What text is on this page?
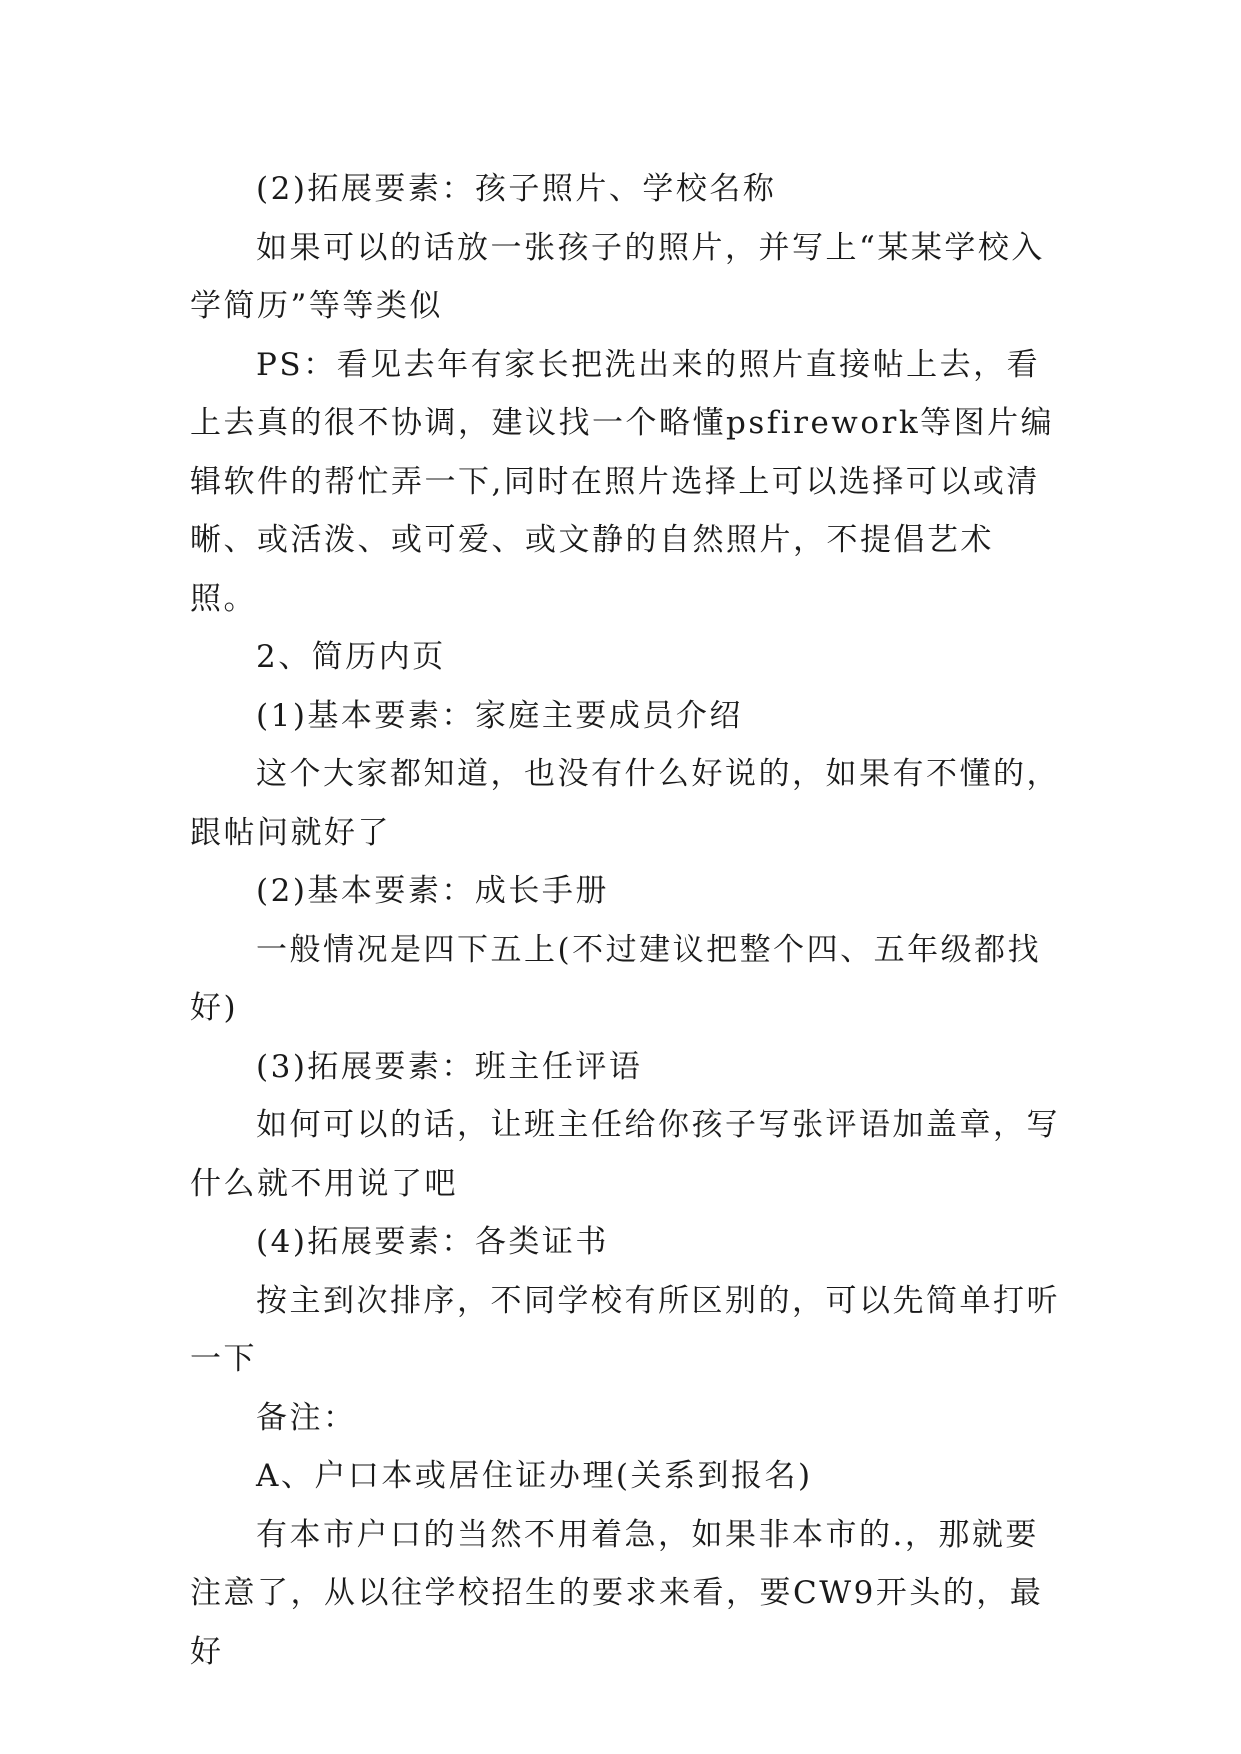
(2)拓展要素：孩子照片、学校名称

如果可以的话放一张孩子的照片，并写上“某某学校入学简历”等等类似

PS：看见去年有家长把洗出来的照片直接帖上去，看上去真的很不协调，建议找一个略懂psfirework等图片编辑软件的帮忙弄一下,同时在照片选择上可以选择可以或清晰、或活泼、或可爱、或文静的自然照片，不提倡艺术照。

2、简历内页

(1)基本要素：家庭主要成员介绍

这个大家都知道，也没有什么好说的，如果有不懂的，跟帖问就好了

(2)基本要素：成长手册

一般情况是四下五上(不过建议把整个四、五年级都找好)

(3)拓展要素：班主任评语

如何可以的话，让班主任给你孩子写张评语加盖章，写什么就不用说了吧

(4)拓展要素：各类证书

按主到次排序，不同学校有所区别的，可以先简单打听一下

备注：

A、户口本或居住证办理(关系到报名)

有本市户口的当然不用着急，如果非本市的.，那就要注意了，从以往学校招生的要求来看，要CW9开头的，最好
